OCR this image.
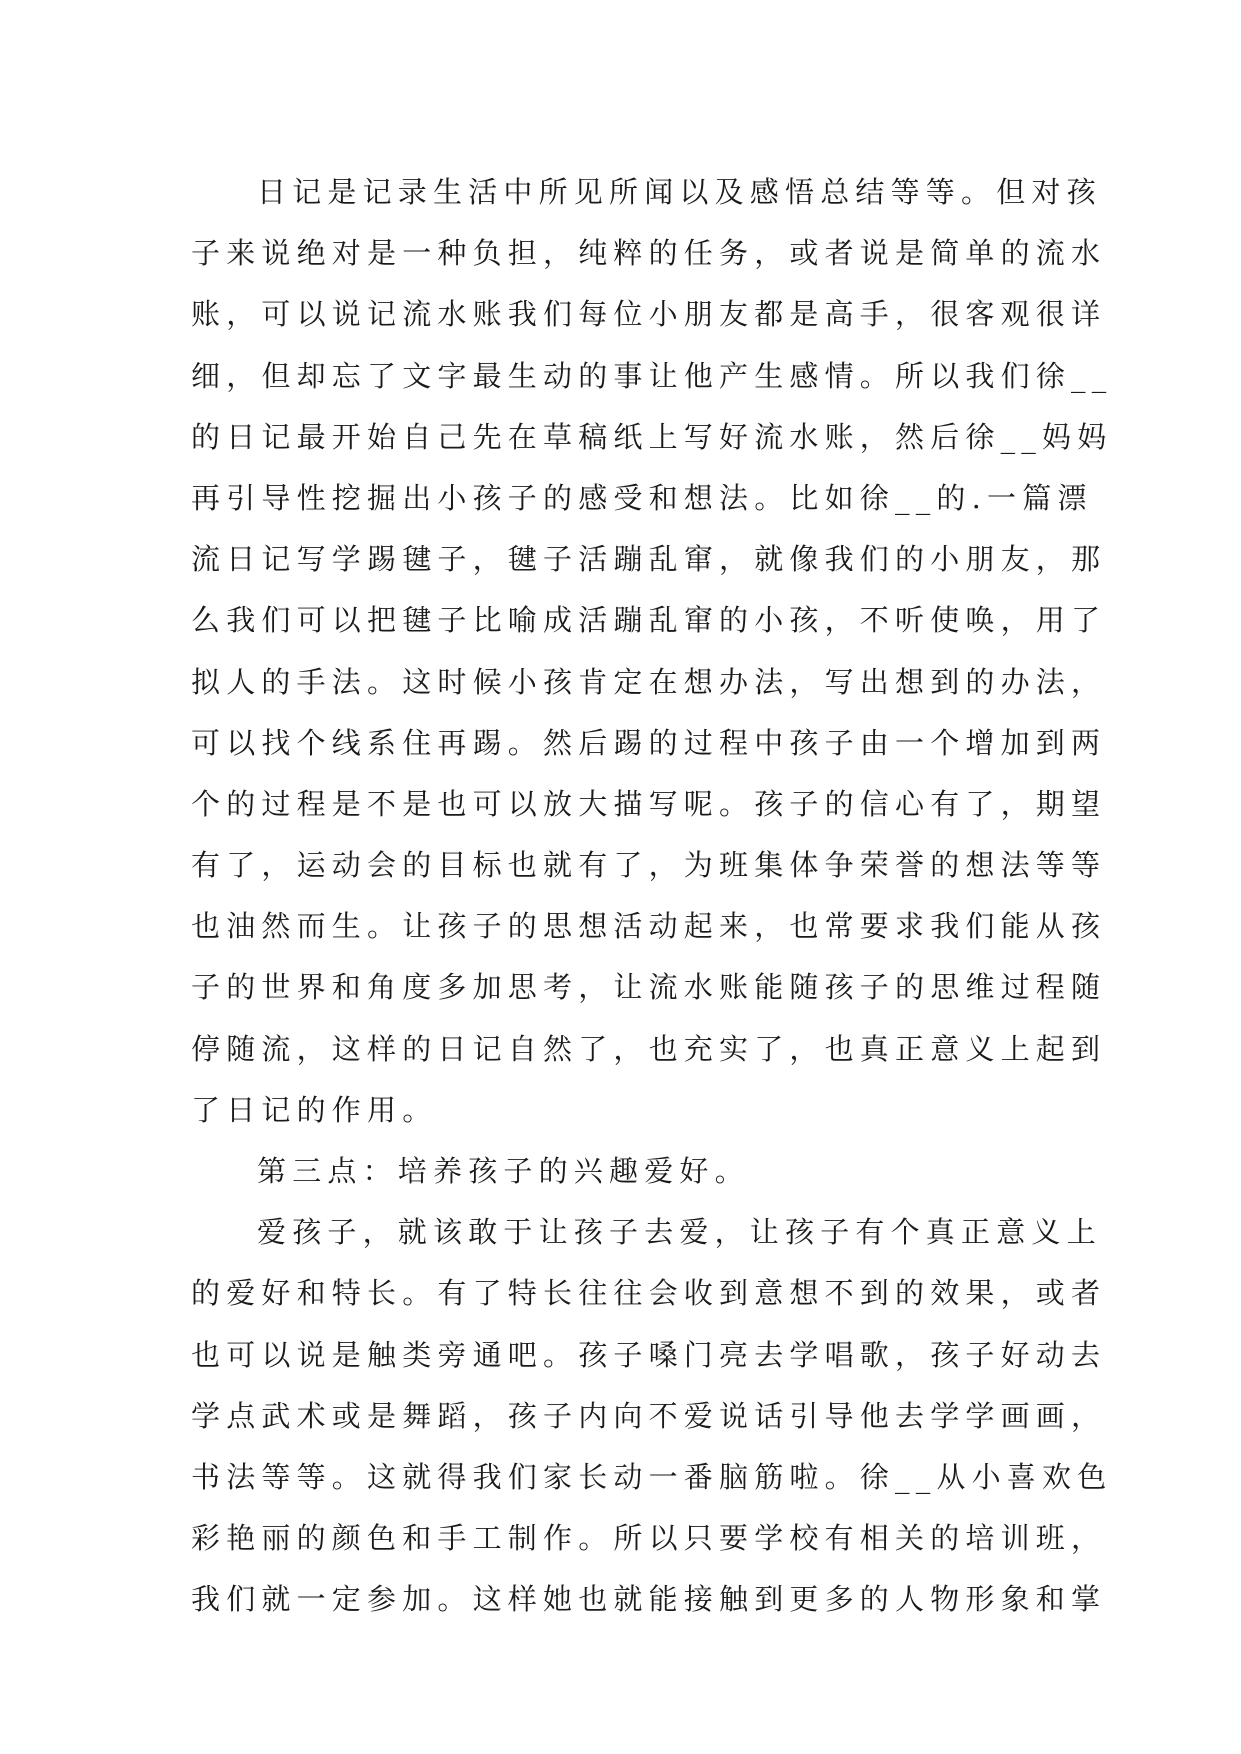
日记是记录生活中所见所闻以及感悟总结等等。但对孩
子来说绝对是一种负担，纯粹的任务，或者说是简单的流水
账，可以说记流水账我们每位小朋友都是高手，很客观很详
细，但却忘了文字最生动的事让他产生感情。所以我们徐__
的日记最开始自己先在草稿纸上写好流水账，然后徐__妈妈
再引导性挖掘出小孩子的感受和想法。比如徐__的.一篇漂
流日记写学踢毽子，毽子活蹦乱窜，就像我们的小朋友，那
么我们可以把毽子比喻成活蹦乱窜的小孩，不听使唤，用了
拟人的手法。这时候小孩肯定在想办法，写出想到的办法，
可以找个线系住再踢。然后踢的过程中孩子由一个增加到两
个的过程是不是也可以放大描写呢。孩子的信心有了，期望
有了，运动会的目标也就有了，为班集体争荣誉的想法等等
也油然而生。让孩子的思想活动起来，也常要求我们能从孩
子的世界和角度多加思考，让流水账能随孩子的思维过程随
停随流，这样的日记自然了，也充实了，也真正意义上起到
了日记的作用。
第三点：培养孩子的兴趣爱好。
爱孩子，就该敢于让孩子去爱，让孩子有个真正意义上
的爱好和特长。有了特长往往会收到意想不到的效果，或者
也可以说是触类旁通吧。孩子嗓门亮去学唱歌，孩子好动去
学点武术或是舞蹈，孩子内向不爱说话引导他去学学画画，
书法等等。这就得我们家长动一番脑筋啦。徐__从小喜欢色
彩艳丽的颜色和手工制作。所以只要学校有相关的培训班，
我们就一定参加。这样她也就能接触到更多的人物形象和掌
